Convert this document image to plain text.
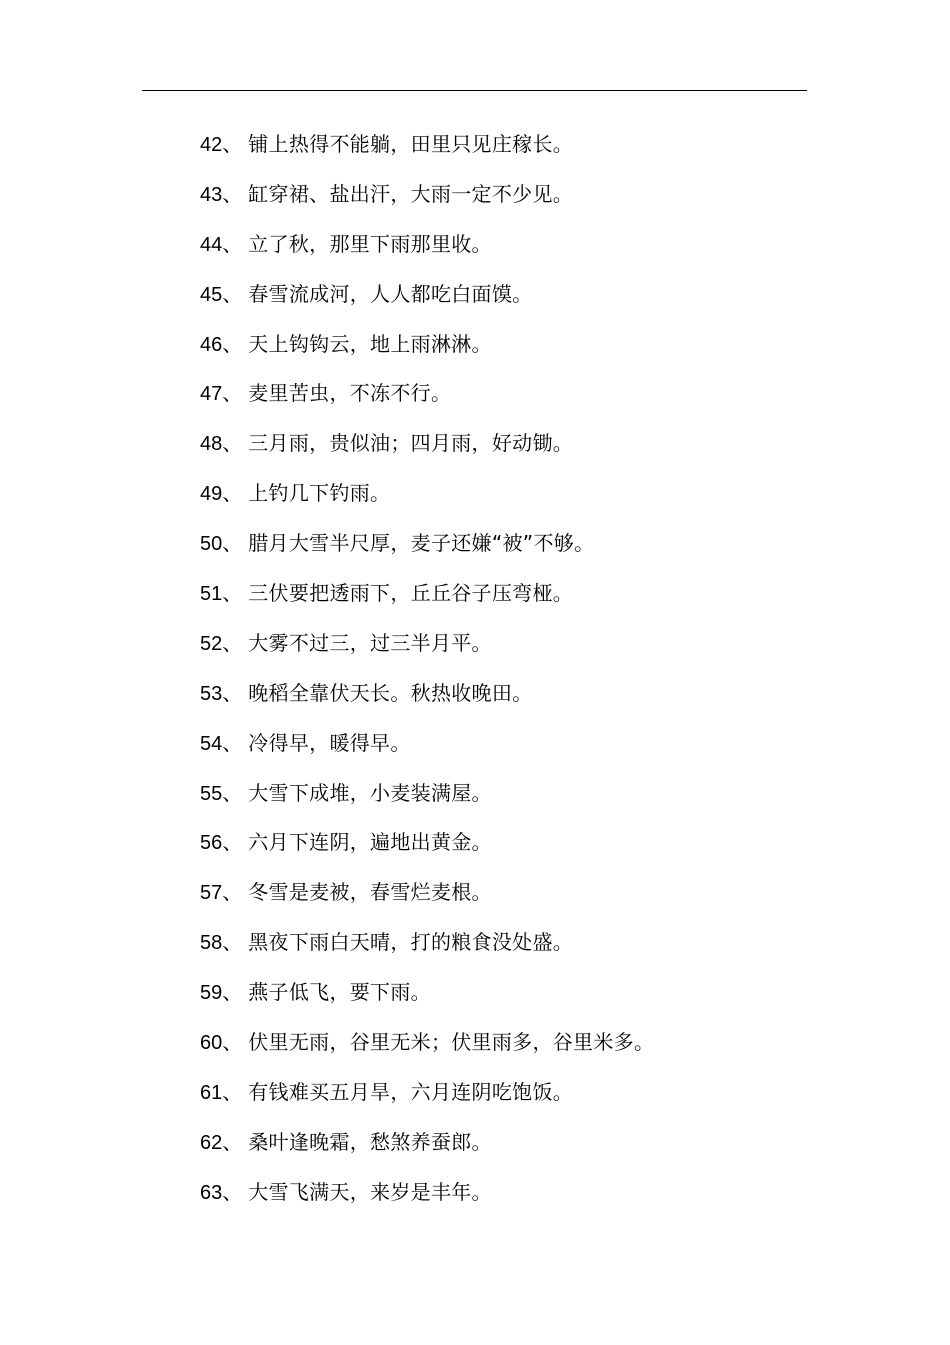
42、 铺上热得不能躺，田里只见庄稼长。
43、 缸穿裙、盐出汗，大雨一定不少见。
44、 立了秋，那里下雨那里收。
45、 春雪流成河，人人都吃白面馍。
46、 天上钩钩云，地上雨淋淋。
47、 麦里苦虫，不冻不行。
48、 三月雨，贵似油；四月雨，好动锄。
49、 上钓几下钓雨。
50、 腊月大雪半尺厚，麦子还嫌“被”不够。
51、 三伏要把透雨下，丘丘谷子压弯桠。
52、 大雾不过三，过三半月平。
53、 晚稻全靠伏天长。秋热收晚田。
54、 冷得早，暖得早。
55、 大雪下成堆，小麦装满屋。
56、 六月下连阴，遍地出黄金。
57、 冬雪是麦被，春雪烂麦根。
58、 黑夜下雨白天晴，打的粮食没处盛。
59、 燕子低飞，要下雨。
60、 伏里无雨，谷里无米；伏里雨多，谷里米多。
61、 有钱难买五月旱，六月连阴吃饱饭。
62、 桑叶逢晚霜，愁煞养蚕郎。
63、 大雪飞满天，来岁是丰年。
